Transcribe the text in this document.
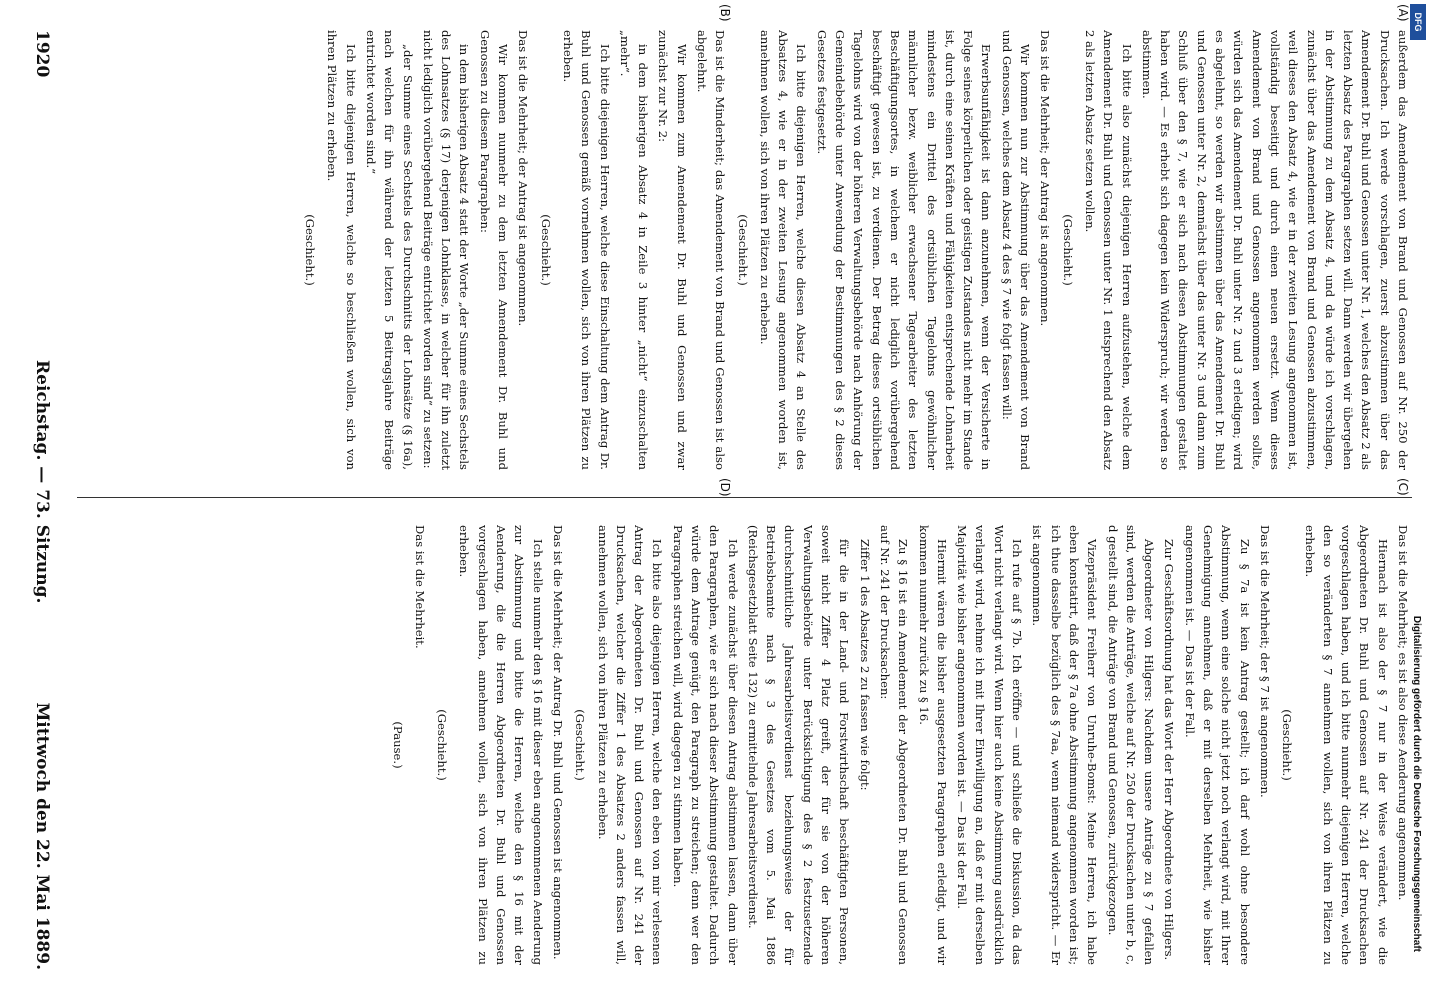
(A)
(B)
(C)
(D)

außerdem das Amendement von Brand und Genossen auf Nr. 250 der Drucksachen. Ich werde vorschlagen, zuerst abzustimmen über das Amendement Dr. Buhl und Genossen unter Nr. 1, welches den Absatz 2 als letzten Absatz des Paragraphen setzen will. Dann werden wir übergehen in der Abstimmung zu dem Absatz 4, und da würde ich vorschlagen, zunächst über das Amendement von Brand und Genossen abzustimmen, weil dieses den Absatz 4, wie er in der zweiten Lesung angenommen ist, vollständig beseitigt und durch einen neuen ersetzt. Wenn dieses Amendement von Brand und Genossen angenommen werden sollte, würden sich das Amendement Dr. Buhl unter Nr. 2 und 3 erledigen; wird es abgelehnt, so werden wir abstimmen über das Amendement Dr. Buhl und Genossen unter Nr. 2, demnächst über das unter Nr. 3 und dann zum Schluß über den § 7, wie er sich nach diesen Abstimmungen gestaltet haben wird. — Es erhebt sich dagegen kein Widerspruch; wir werden so abstimmen.

Ich bitte also zunächst diejenigen Herren aufzustehen, welche dem Amendement Dr. Buhl und Genossen unter Nr. 1 entsprechend den Absatz 2 als letzten Absatz setzen wollen.

(Geschieht.)

Das ist die Mehrheit; der Antrag ist angenommen.

Wir kommen nun zur Abstimmung über das Amendement von Brand und Genossen, welches dem Absatz 4 des § 7 wie folgt fassen will:

Erwerbsunfähigkeit ist dann anzunehmen, wenn der Versicherte in Folge seines körperlichen oder geistigen Zustandes nicht mehr im Stande ist, durch eine seinen Kräften und Fähigkeiten entsprechende Lohnarbeit mindestens ein Drittel des ortsüblichen Tagelohns gewöhnlicher männlicher bezw. weiblicher erwachsener Tagearbeiter des letzten Beschäftigungsortes, in welchem er nicht lediglich vorübergehend beschäftigt gewesen ist, zu verdienen. Der Betrag dieses ortsüblichen Tagelohns wird von der höheren Verwaltungsbehörde nach Anhörung der Gemeindebehörde unter Anwendung der Bestimmungen des § 2 dieses Gesetzes festgesetzt.

Ich bitte diejenigen Herren, welche diesen Absatz 4 an Stelle des Absatzes 4, wie er in der zweiten Lesung angenommen worden ist, annehmen wollen, sich von ihren Plätzen zu erheben.

(Geschieht.)

Das ist die Minderheit; das Amendement von Brand und Genossen ist also abgelehnt.

Wir kommen zum Amendement Dr. Buhl und Genossen und zwar zunächst zur Nr. 2:

in dem bisherigen Absatz 4 in Zeile 3 hinter „nicht“ einzuschalten „mehr“.

Ich bitte diejenigen Herren, welche diese Einschaltung dem Antrag Dr. Buhl und Genossen gemäß vornehmen wollen, sich von ihren Plätzen zu erheben.

(Geschieht.)

Das ist die Mehrheit; der Antrag ist angenommen.

Wir kommen nunmehr zu dem letzten Amendement Dr. Buhl und Genossen zu diesem Paragraphen:

in dem bisherigen Absatz 4 statt der Worte „der Summe eines Sechstels des Lohnsatzes (§ 17) derjenigen Lohnklasse, in welcher für ihn zuletzt nicht lediglich vorübergehend Beiträge entrichtet worden sind“ zu setzen:

„der Summe eines Sechstels des Durchschnitts der Lohnsätze (§ 16a), nach welchen für ihn während der letzten 5 Beitragsjahre Beiträge entrichtet worden sind.“

Ich bitte diejenigen Herren, welche so beschließen wollen, sich von ihren Plätzen zu erheben.

(Geschieht.)

Das ist die Mehrheit; es ist also diese Aenderung angenommen.

Hiernach ist also der § 7 nur in der Weise verändert, wie die Abgeordneten Dr. Buhl und Genossen auf Nr. 241 der Drucksachen vorgeschlagen haben, und ich bitte nunmehr diejenigen Herren, welche den so veränderten § 7 annehmen wollen, sich von ihren Plätzen zu erheben.

(Geschieht.)

Das ist die Mehrheit; der § 7 ist angenommen.

Zu § 7a ist kein Antrag gestellt; ich darf wohl ohne besondere Abstimmung, wenn eine solche nicht jetzt noch verlangt wird, mit Ihrer Genehmigung annehmen, daß er mit derselben Mehrheit, wie bisher angenommen ist. — Das ist der Fall.

Zur Geschäftsordnung hat das Wort der Herr Abgeordnete von Hilgers.

Abgeordneter von Hilgers: Nachdem unsere Anträge zu § 7 gefallen sind, werden die Anträge, welche auf Nr. 250 der Drucksachen unter b, c, d gestellt sind, die Anträge von Brand und Genossen, zurückgezogen.

Vizepräsident Freiherr von Unruhe-Bomst: Meine Herren, ich habe eben konstatirt, daß der § 7a ohne Abstimmung angenommen worden ist; ich thue dasselbe bezüglich des § 7aa, wenn niemand widerspricht. — Er ist angenommen.

Ich rufe auf § 7b. Ich eröffne — und schließe die Diskussion, da das Wort nicht verlangt wird. Wenn hier auch keine Abstimmung ausdrücklich verlangt wird, nehme ich mit Ihrer Einwilligung an, daß er mit derselben Majorität wie bisher angenommen worden ist. — Das ist der Fall.

Hiermit wären die bisher ausgesetzten Paragraphen erledigt, und wir kommen nunmehr zurück zu § 16.

Zu § 16 ist ein Amendement der Abgeordneten Dr. Buhl und Genossen auf Nr. 241 der Drucksachen:

Ziffer 1 des Absatzes 2 zu fassen wie folgt:

für die in der Land- und Forstwirthschaft beschäftigten Personen, soweit nicht Ziffer 4 Platz greift, der für sie von der höheren Verwaltungsbehörde unter Berücksichtigung des § 2 festzusetzende durchschnittliche Jahresarbeitsverdienst beziehungsweise der für Betriebsbeamte nach § 3 des Gesetzes vom 5. Mai 1886 (Reichsgesetzblatt Seite 132) zu ermittelnde Jahresarbeitsverdienst.

Ich werde zunächst über diesen Antrag abstimmen lassen, dann über den Paragraphen, wie er sich nach dieser Abstimmung gestaltet. Dadurch würde dem Antrage genügt, den Paragraph zu streichen; denn wer den Paragraphen streichen will, wird dagegen zu stimmen haben.

Ich bitte also diejenigen Herren, welche den eben von mir verlesenen Antrag der Abgeordneten Dr. Buhl und Genossen auf Nr. 241 der Drucksachen, welcher die Ziffer 1 des Absatzes 2 anders fassen will, annehmen wollen, sich von ihren Plätzen zu erheben.

(Geschieht.)

Das ist die Mehrheit; der Antrag Dr. Buhl und Genossen ist angenommen.

Ich stelle nunmehr den § 16 mit dieser eben angenommenen Aenderung zur Abstimmung und bitte die Herren, welche den § 16 mit der Aenderung, die die Herren Abgeordneten Dr. Buhl und Genossen vorgeschlagen haben, annehmen wollen, sich von ihren Plätzen zu erheben.

(Geschieht.)

Das ist die Mehrheit.

(Pause.)

1920
Reichstag. — 73. Sitzung.
Mittwoch den 22. Mai 1889.	Digitalisierung gefördert durch die Deutsche Forschungsgemeinschaft
DFG
